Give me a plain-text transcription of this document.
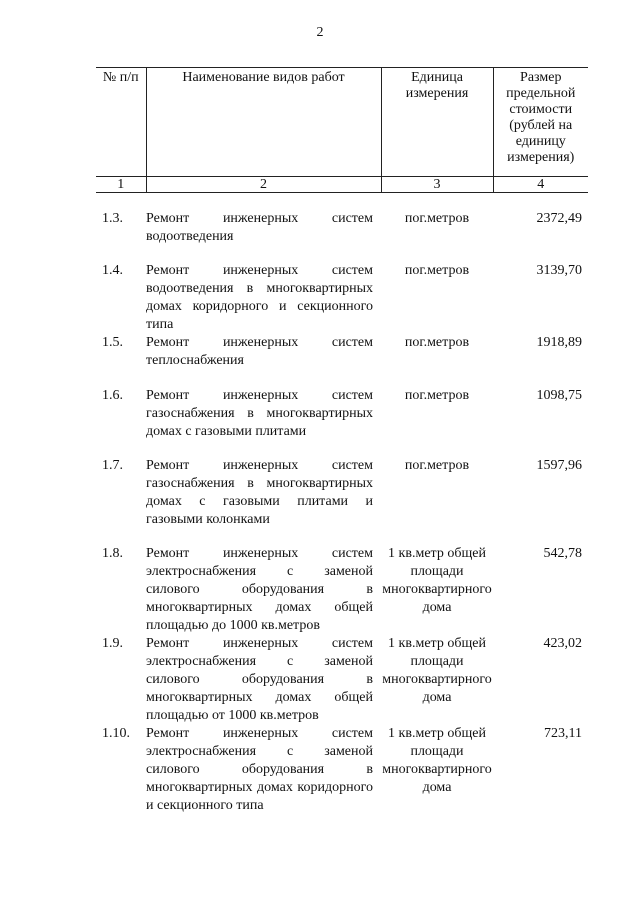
2
№ п/п	Наименование видов работ	Единица измерения	Размер предельной стоимости (рублей на единицу измерения)
1	2	3	4
1.3.	Ремонт инженерных систем водоотведения	пог.метров	2372,49
1.4.	Ремонт инженерных систем водоотведения в многоквартирных домах коридорного и секционного типа	пог.метров	3139,70
1.5.	Ремонт инженерных систем теплоснабжения	пог.метров	1918,89
1.6.	Ремонт инженерных систем газоснабжения в многоквартирных домах с газовыми плитами	пог.метров	1098,75
1.7.	Ремонт инженерных систем газоснабжения в многоквартирных домах с газовыми плитами и газовыми колонками	пог.метров	1597,96
1.8.	Ремонт инженерных систем электроснабжения с заменой силового оборудования в многоквартирных домах общей площадью до 1000 кв.метров	1 кв.метр общей площади многоквартирного дома	542,78
1.9.	Ремонт инженерных систем электроснабжения с заменой силового оборудования в многоквартирных домах общей площадью от 1000 кв.метров	1 кв.метр общей площади многоквартирного дома	423,02
1.10.	Ремонт инженерных систем электроснабжения с заменой силового оборудования в многоквартирных домах коридорного и секционного типа	1 кв.метр общей площади многоквартирного дома	723,11
